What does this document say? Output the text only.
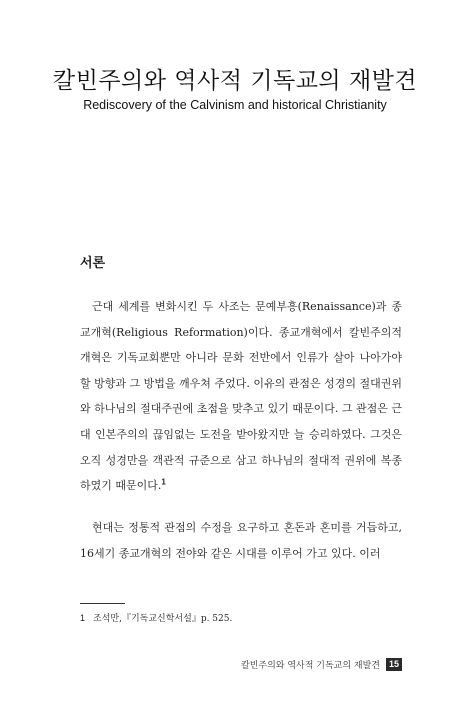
칼빈주의와 역사적 기독교의 재발견
Rediscovery of the Calvinism and historical Christianity
서론

근대 세계를 변화시킨 두 사조는 문예부흥(Renaissance)과 종교개혁(Religious Reformation)이다. 종교개혁에서 칼빈주의적 개혁은 기독교회뿐만 아니라 문화 전반에서 인류가 살아 나아가야 할 방향과 그 방법을 깨우쳐 주었다. 이유의 관점은 성경의 절대권위와 하나님의 절대주권에 초점을 맞추고 있기 때문이다. 그 관점은 근대 인본주의의 끊임없는 도전을 받아왔지만 늘 승리하였다. 그것은 오직 성경만을 객관적 규준으로 삼고 하나님의 절대적 권위에 복종하였기 때문이다.$^1$

현대는 정통적 관점의 수정을 요구하고 혼돈과 혼미를 거듭하고, 16세기 종교개혁의 전야와 같은 시대를 이루어 가고 있다. 이러

1 조석만,『기독교신학서설』p. 525.
칼빈주의와 역사적 기독교의 재발견	15
